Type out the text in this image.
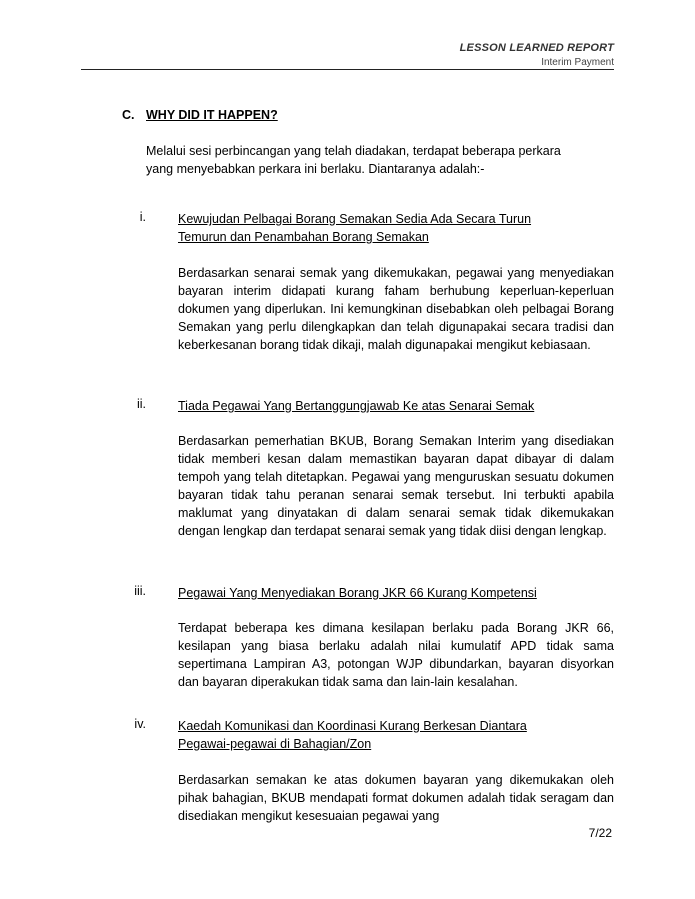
LESSON LEARNED REPORT
Interim Payment
C. WHY DID IT HAPPEN?
Melalui sesi perbincangan yang telah diadakan, terdapat beberapa perkara yang menyebabkan perkara ini berlaku. Diantaranya adalah:-
i.	Kewujudan Pelbagai Borang Semakan Sedia Ada Secara Turun Temurun dan Penambahan Borang Semakan
Berdasarkan senarai semak yang dikemukakan, pegawai yang menyediakan bayaran interim didapati kurang faham berhubung keperluan-keperluan dokumen yang diperlukan. Ini kemungkinan disebabkan oleh pelbagai Borang Semakan yang perlu dilengkapkan dan telah digunapakai secara tradisi dan keberkesanan borang tidak dikaji, malah digunapakai mengikut kebiasaan.
ii.	Tiada Pegawai Yang Bertanggungjawab Ke atas Senarai Semak
Berdasarkan pemerhatian BKUB, Borang Semakan Interim yang disediakan tidak memberi kesan dalam memastikan bayaran dapat dibayar di dalam tempoh yang telah ditetapkan. Pegawai yang menguruskan sesuatu dokumen bayaran tidak tahu peranan senarai semak tersebut. Ini terbukti apabila maklumat yang dinyatakan di dalam senarai semak tidak dikemukakan dengan lengkap dan terdapat senarai semak yang tidak diisi dengan lengkap.
iii.	Pegawai Yang Menyediakan Borang JKR 66 Kurang Kompetensi
Terdapat beberapa kes dimana kesilapan berlaku pada Borang JKR 66, kesilapan yang biasa berlaku adalah nilai kumulatif APD tidak sama sepertimana Lampiran A3, potongan WJP dibundarkan, bayaran disyorkan dan bayaran diperakukan tidak sama dan lain-lain kesalahan.
iv.	Kaedah Komunikasi dan Koordinasi Kurang Berkesan Diantara Pegawai-pegawai di Bahagian/Zon
Berdasarkan semakan ke atas dokumen bayaran yang dikemukakan oleh pihak bahagian, BKUB mendapati format dokumen adalah tidak seragam dan disediakan mengikut kesesuaian pegawai yang
7/22
